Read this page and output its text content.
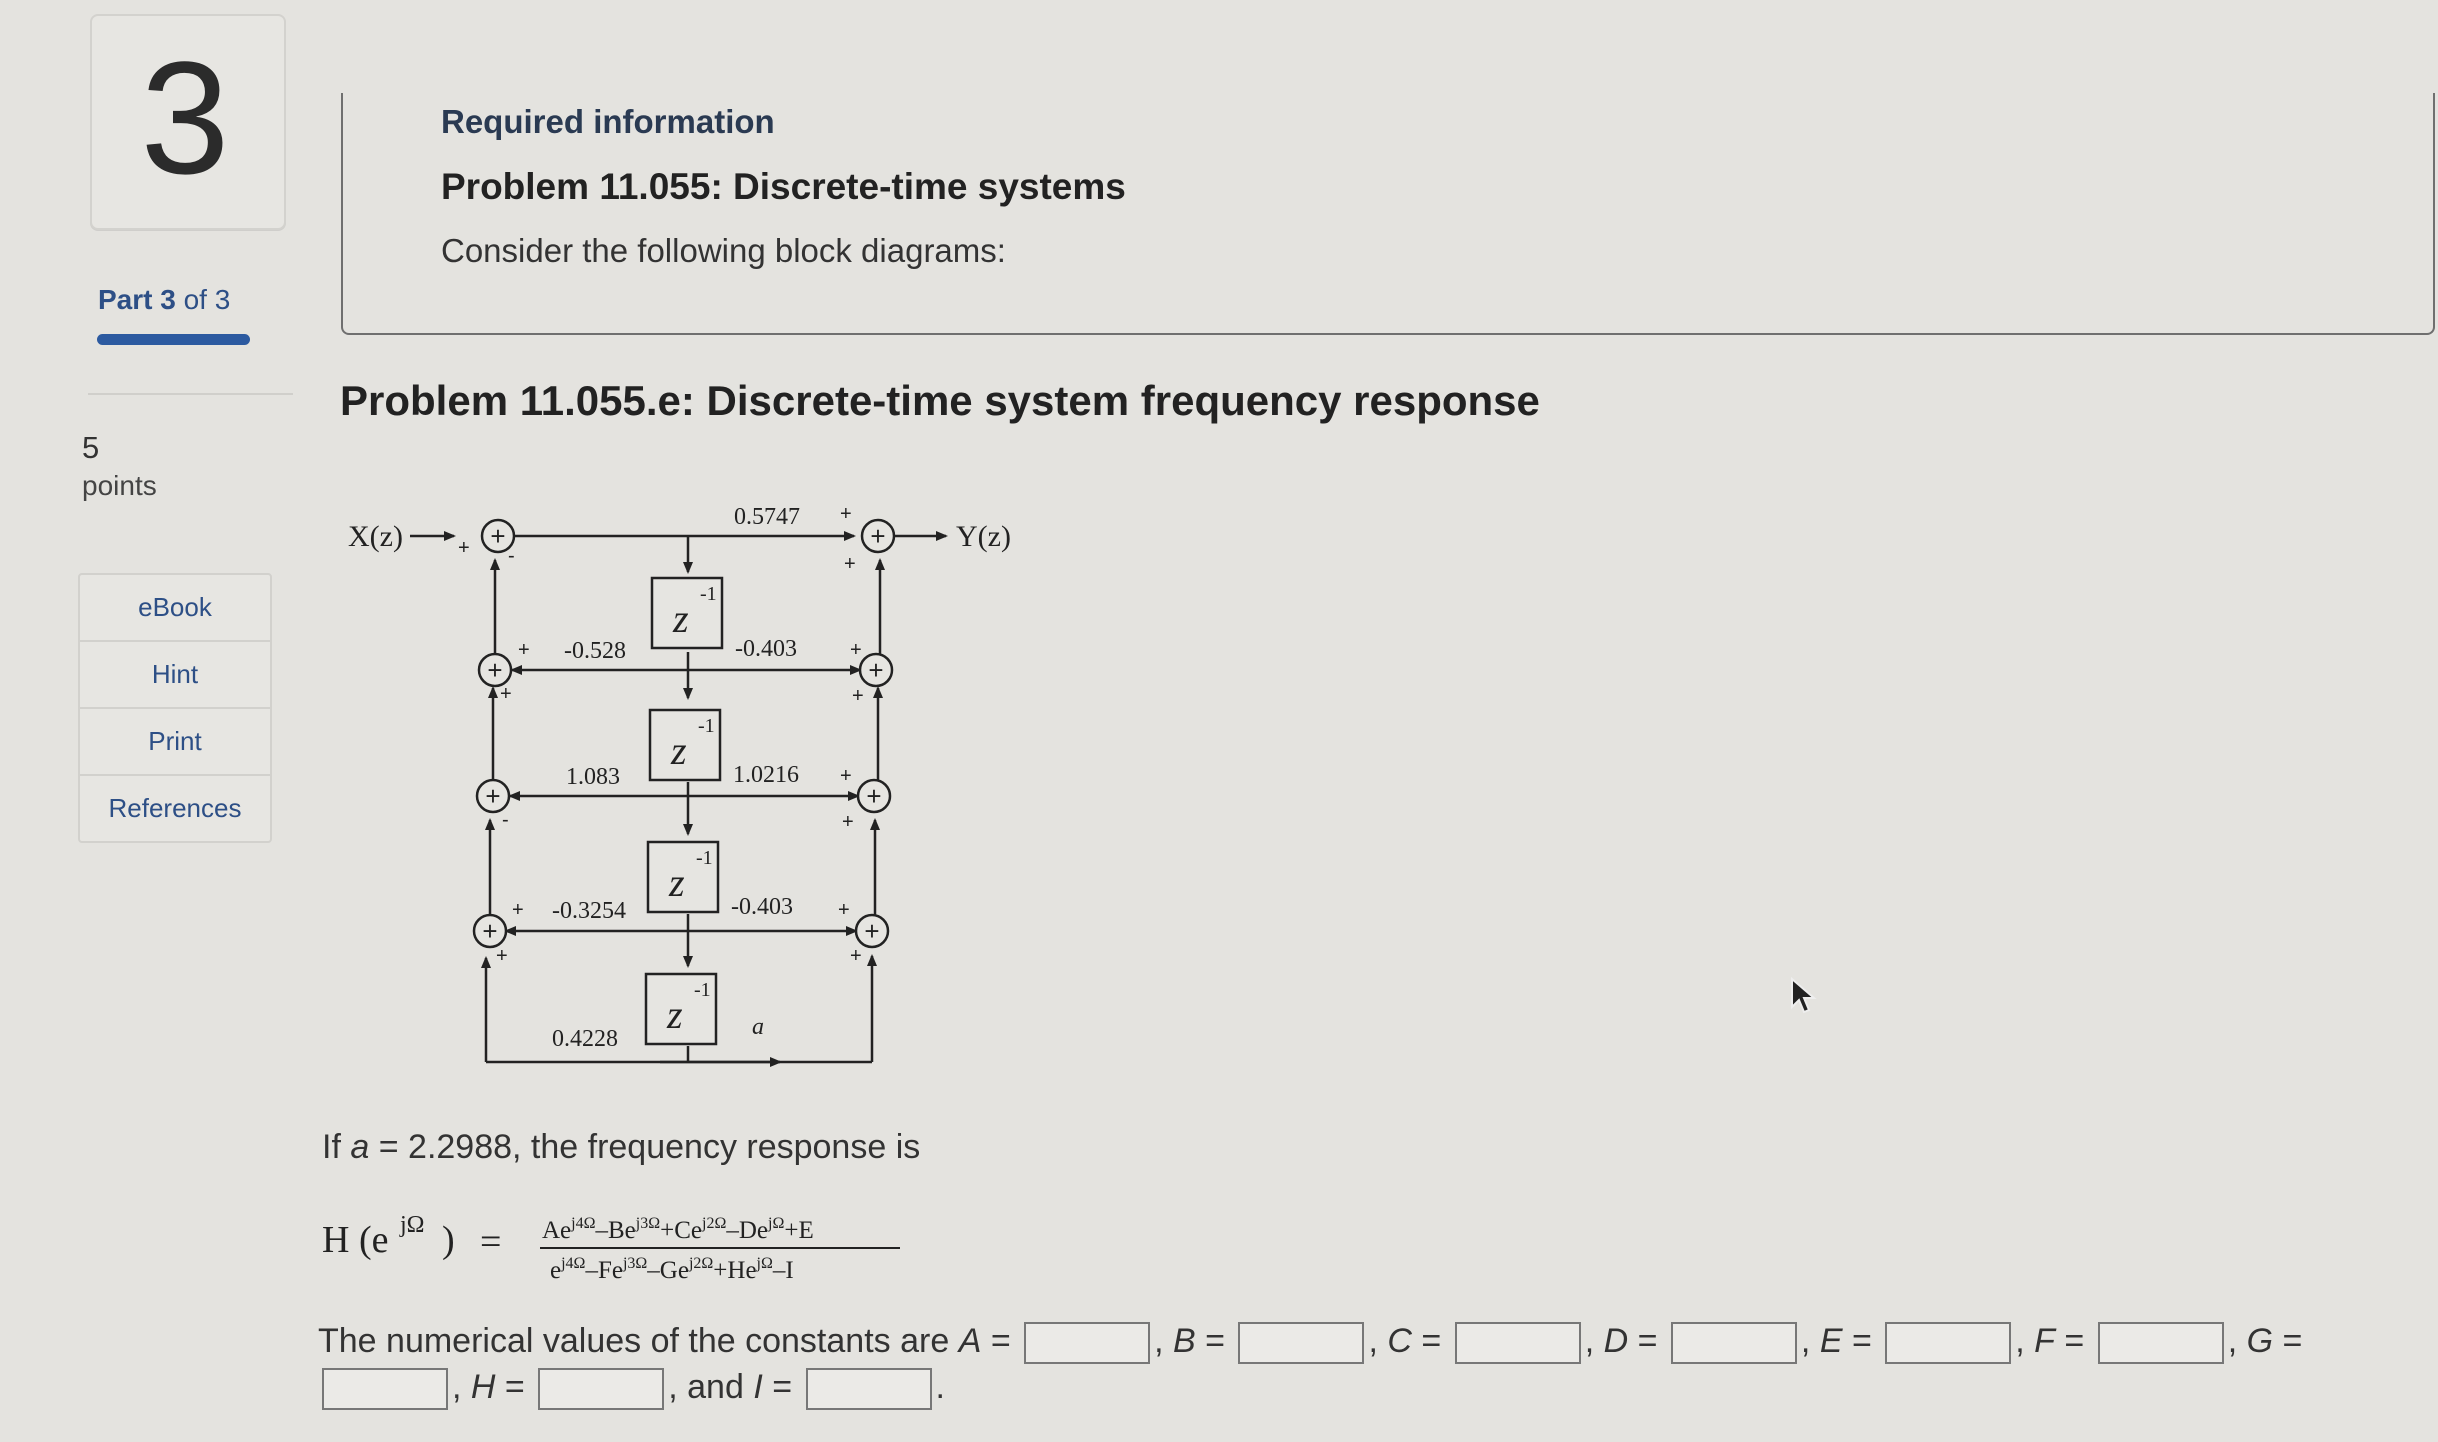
3
Part 3 of 3
5
points
eBook
Hint
Print
References
Required information
Problem 11.055: Discrete-time systems
Consider the following block diagrams:
Problem 11.055.e: Discrete-time system frequency response
+	+
+	+
+	+
+	+
+ -
+
+
+
+
+
+
-
+
+
+
+
+
+
X(z)	Y(z)
z
-1
z
-1
z
-1
z
-1
-0.528
1.083
-0.3254
0.4228
0.5747
-0.403
1.0216
-0.403
a
If a = 2.2988, the frequency response is
H (e jΩ ) = $Ae^{j4\Omega}-Be^{j3\Omega}+Ce^{j2\Omega}-De^{j\Omega}+E$
$e^{j4\Omega}-Fe^{j3\Omega}-Ge^{j2\Omega}+He^{j\Omega}-I$
The numerical values of the constants are A =	, B =	, C =	, D =	, E =	, F =	, G = , H =	, and I =	.
